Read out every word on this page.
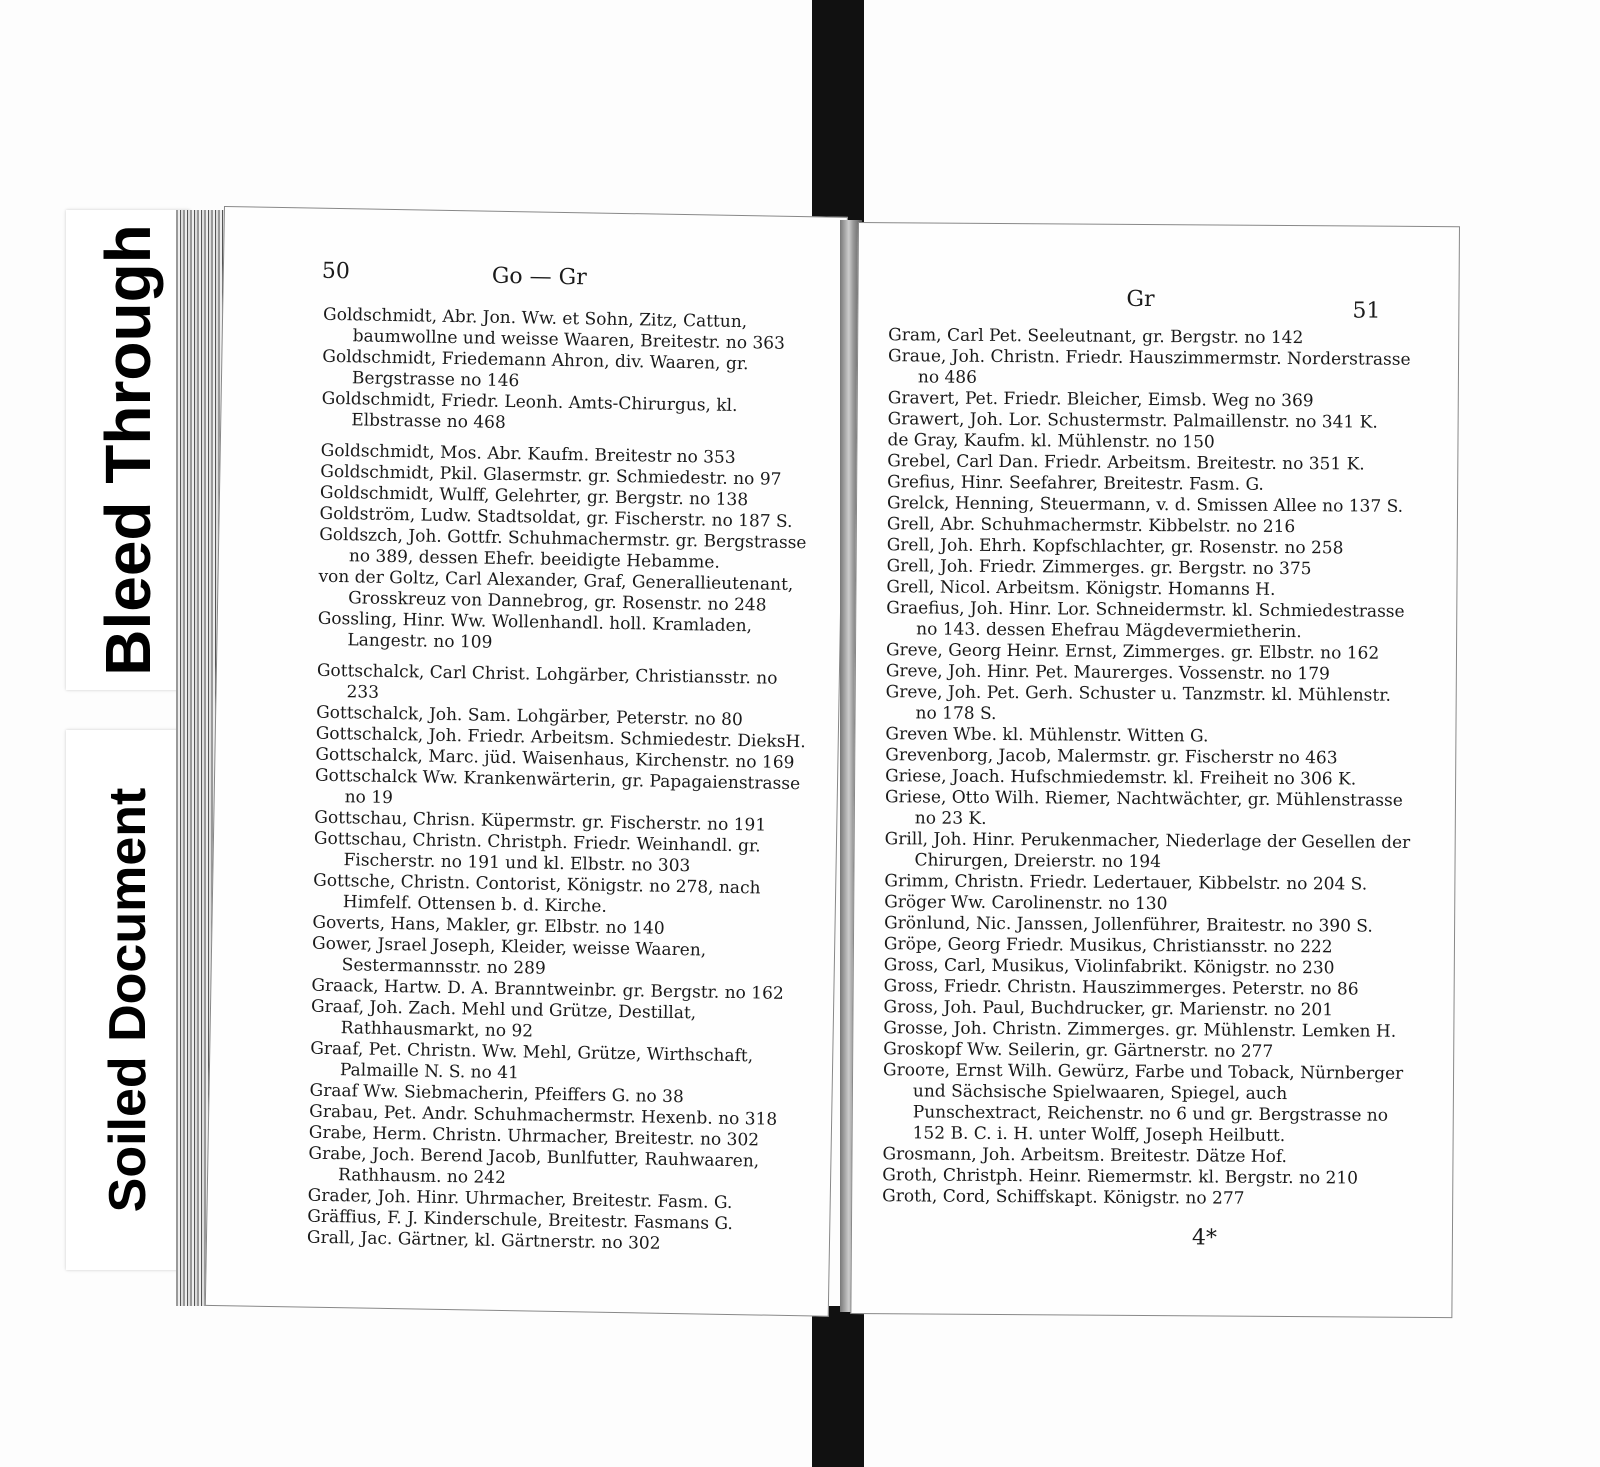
Bleed Through
Soiled Document
50	Go — Gr

Goldschmidt, Abr. Jon. Ww. et Sohn, Zitz, Cattun, baumwollne und weisse Waaren, Breitestr. no 363

Goldschmidt, Friedemann Ahron, div. Waaren, gr. Bergstrasse no 146

Goldschmidt, Friedr. Leonh. Amts-Chirurgus, kl. Elbstrasse no 468

Goldschmidt, Mos. Abr. Kaufm. Breitestr no 353

Goldschmidt, Pkil. Glasermstr. gr. Schmiedestr. no 97

Goldschmidt, Wulff, Gelehrter, gr. Bergstr. no 138

Goldström, Ludw. Stadtsoldat, gr. Fischerstr. no 187 S.

Goldszch, Joh. Gottfr. Schuhmachermstr. gr. Bergstrasse no 389, dessen Ehefr. beeidigte Hebamme.

von der Goltz, Carl Alexander, Graf, Generallieutenant, Grosskreuz von Dannebrog, gr. Rosenstr. no 248

Gossling, Hinr. Ww. Wollenhandl. holl. Kramladen, Langestr. no 109

Gottschalck, Carl Christ. Lohgärber, Christiansstr. no 233

Gottschalck, Joh. Sam. Lohgärber, Peterstr. no 80

Gottschalck, Joh. Friedr. Arbeitsm. Schmiedestr. DieksH.

Gottschalck, Marc. jüd. Waisenhaus, Kirchenstr. no 169

Gottschalck Ww. Krankenwärterin, gr. Papagaienstrasse no 19

Gottschau, Chrisn. Küpermstr. gr. Fischerstr. no 191

Gottschau, Christn. Christph. Friedr. Weinhandl. gr. Fischerstr. no 191 und kl. Elbstr. no 303

Gottsche, Christn. Contorist, Königstr. no 278, nach Himfelf. Ottensen b. d. Kirche.

Goverts, Hans, Makler, gr. Elbstr. no 140

Gower, Jsrael Joseph, Kleider, weisse Waaren, Sestermannsstr. no 289

Graack, Hartw. D. A. Branntweinbr. gr. Bergstr. no 162

Graaf, Joh. Zach. Mehl und Grütze, Destillat, Rathhausmarkt, no 92

Graaf, Pet. Christn. Ww. Mehl, Grütze, Wirthschaft, Palmaille N. S. no 41

Graaf Ww. Siebmacherin, Pfeiffers G. no 38

Grabau, Pet. Andr. Schuhmachermstr. Hexenb. no 318

Grabe, Herm. Christn. Uhrmacher, Breitestr. no 302

Grabe, Joch. Berend Jacob, Bunlfutter, Rauhwaaren, Rathhausm. no 242

Grader, Joh. Hinr. Uhrmacher, Breitestr. Fasm. G.

Gräffius, F. J. Kinderschule, Breitestr. Fasmans G.

Grall, Jac. Gärtner, kl. Gärtnerstr. no 302

Gr	51

Gram, Carl Pet. Seeleutnant, gr. Bergstr. no 142

Graue, Joh. Christn. Friedr. Hauszimmermstr. Norderstrasse no 486

Gravert, Pet. Friedr. Bleicher, Eimsb. Weg no 369

Grawert, Joh. Lor. Schustermstr. Palmaillenstr. no 341 K.

de Gray, Kaufm. kl. Mühlenstr. no 150

Grebel, Carl Dan. Friedr. Arbeitsm. Breitestr. no 351 K.

Grefius, Hinr. Seefahrer, Breitestr. Fasm. G.

Grelck, Henning, Steuermann, v. d. Smissen Allee no 137 S.

Grell, Abr. Schuhmachermstr. Kibbelstr. no 216

Grell, Joh. Ehrh. Kopfschlachter, gr. Rosenstr. no 258

Grell, Joh. Friedr. Zimmerges. gr. Bergstr. no 375

Grell, Nicol. Arbeitsm. Königstr. Homanns H.

Graefius, Joh. Hinr. Lor. Schneidermstr. kl. Schmiedestrasse no 143. dessen Ehefrau Mägdevermietherin.

Greve, Georg Heinr. Ernst, Zimmerges. gr. Elbstr. no 162

Greve, Joh. Hinr. Pet. Maurerges. Vossenstr. no 179

Greve, Joh. Pet. Gerh. Schuster u. Tanzmstr. kl. Mühlenstr. no 178 S.

Greven Wbe. kl. Mühlenstr. Witten G.

Grevenborg, Jacob, Malermstr. gr. Fischerstr no 463

Griese, Joach. Hufschmiedemstr. kl. Freiheit no 306 K.

Griese, Otto Wilh. Riemer, Nachtwächter, gr. Mühlenstrasse no 23 K.

Grill, Joh. Hinr. Perukenmacher, Niederlage der Gesellen der Chirurgen, Dreierstr. no 194

Grimm, Christn. Friedr. Ledertauer, Kibbelstr. no 204 S.

Gröger Ww. Carolinenstr. no 130

Grönlund, Nic. Janssen, Jollenführer, Braitestr. no 390 S.

Gröpe, Georg Friedr. Musikus, Christiansstr. no 222

Gross, Carl, Musikus, Violinfabrikt. Königstr. no 230

Gross, Friedr. Christn. Hauszimmerges. Peterstr. no 86

Gross, Joh. Paul, Buchdrucker, gr. Marienstr. no 201

Grosse, Joh. Christn. Zimmerges. gr. Mühlenstr. Lemken H.

Groskopf Ww. Seilerin, gr. Gärtnerstr. no 277

Grooте, Ernst Wilh. Gewürz, Farbe und Toback, Nürnberger und Sächsische Spielwaaren, Spiegel, auch Punschextract, Reichenstr. no 6 und gr. Bergstrasse no 152 B. C. i. H. unter Wolff, Joseph Heilbutt.

Grosmann, Joh. Arbeitsm. Breitestr. Dätze Hof.

Groth, Christph. Heinr. Riemermstr. kl. Bergstr. no 210

Groth, Cord, Schiffskapt. Königstr. no 277

4*
